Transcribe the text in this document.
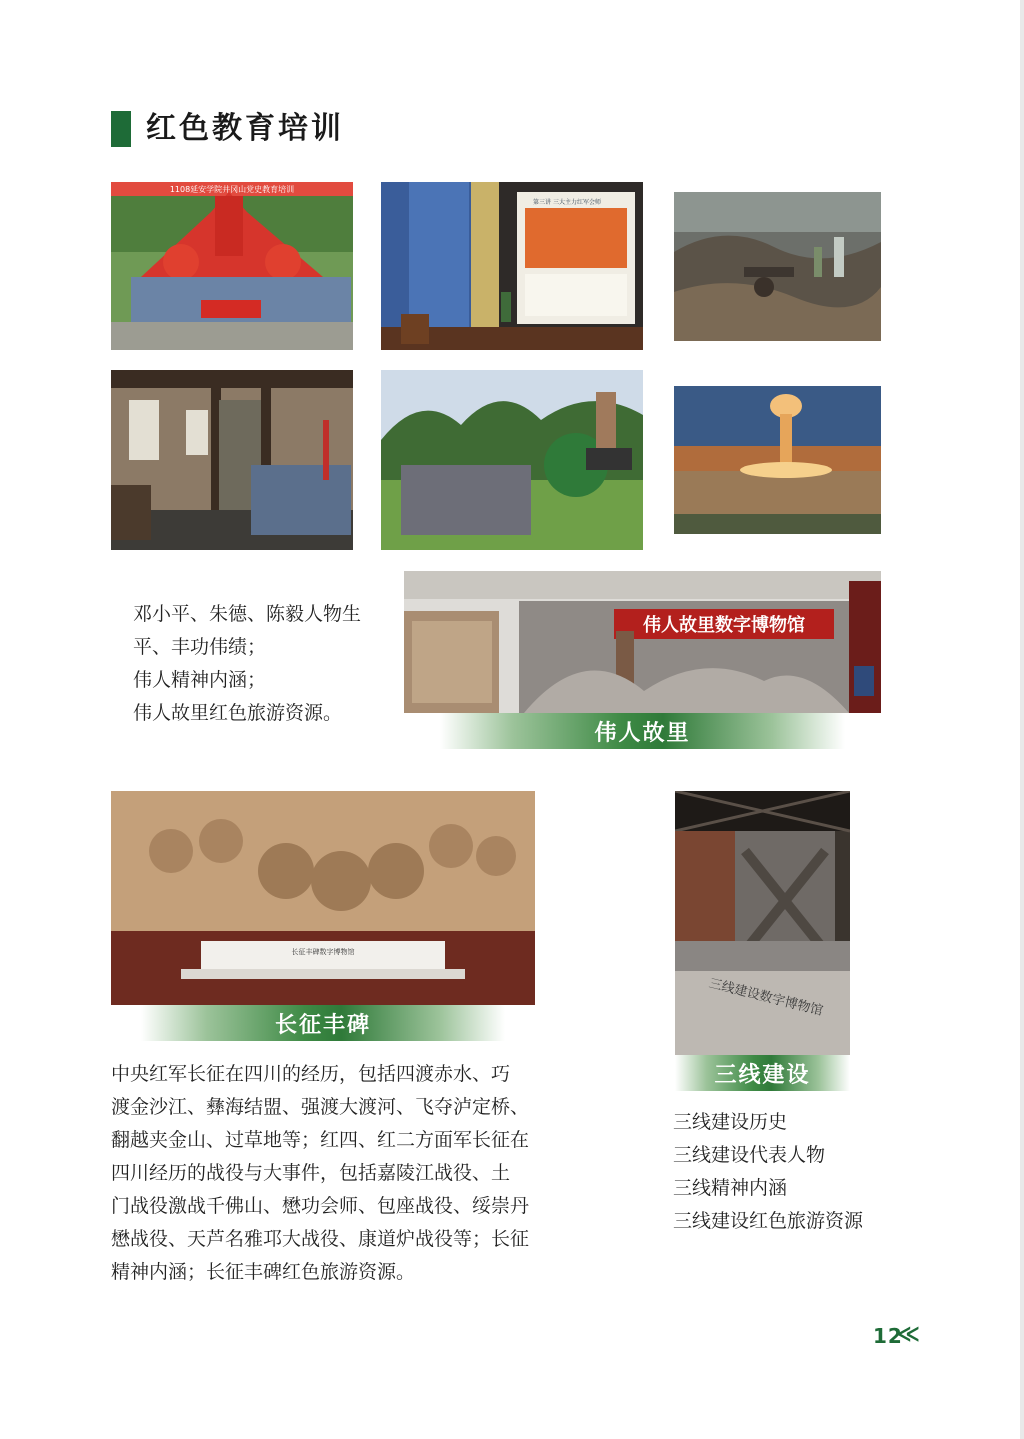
红色教育培训
1108延安学院井冈山党史教育培训
第三讲 三大主力红军会师

邓小平、朱德、陈毅人物生

平、丰功伟绩；

伟人精神内涵；

伟人故里红色旅游资源。

伟人故里数字博物馆
伟人故里
长征丰碑数字博物馆
长征丰碑

中央红军长征在四川的经历，包括四渡赤水、巧

渡金沙江、彝海结盟、强渡大渡河、飞夺泸定桥、

翻越夹金山、过草地等；红四、红二方面军长征在

四川经历的战役与大事件，包括嘉陵江战役、土

门战役激战千佛山、懋功会师、包座战役、绥崇丹

懋战役、天芦名雅邛大战役、康道炉战役等；长征

精神内涵；长征丰碑红色旅游资源。

三线建设数字博物馆
三线建设

三线建设历史

三线建设代表人物

三线精神内涵

三线建设红色旅游资源

12
≪
